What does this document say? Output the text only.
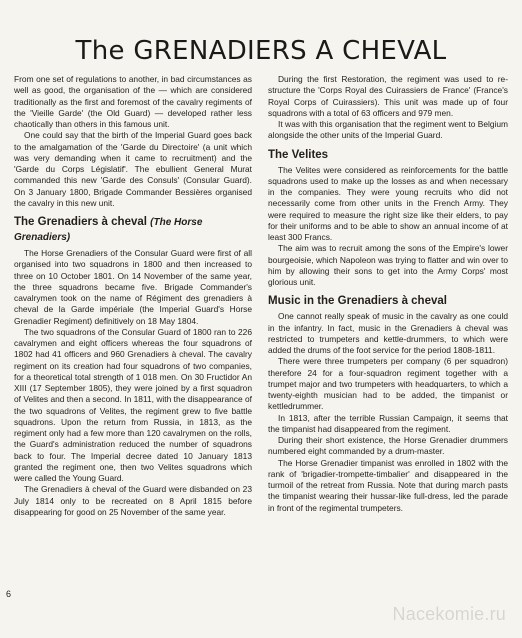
The GRENADIERS A CHEVAL

From one set of regulations to another, in bad circumstances as well as good, the organisation of the — which are considered traditionally as the first and foremost of the cavalry regiments of the 'Vieille Garde' (the Old Guard) — developed rather less chaotically than others in this famous unit.

One could say that the birth of the Imperial Guard goes back to the amalgamation of the 'Garde du Directoire' (a unit which was very demanding when it came to recruitment) and the 'Garde du Corps Législatif'. The ebullient General Murat commanded this new 'Garde des Consuls' (Consular Guard). On 3 January 1800, Brigade Commander Bessières organised the cavalry in this new unit.

The Grenadiers à cheval (The Horse Grenadiers)

The Horse Grenadiers of the Consular Guard were first of all organised into two squadrons in 1800 and then increased to three on 10 October 1801. On 14 November of the same year, the three squadrons became five. Brigade Commander's cavalrymen took on the name of Régiment des grenadiers à cheval de la Garde impériale (the Imperial Guard's Horse Grenadier Regiment) definitively on 18 May 1804.

The two squadrons of the Consular Guard of 1800 ran to 226 cavalrymen and eight officers whereas the four squadrons of 1802 had 41 officers and 960 Grenadiers à cheval. The cavalry regiment on its creation had four squadrons of two companies, for a theoretical total strength of 1 018 men. On 30 Fructidor An XIII (17 September 1805), they were joined by a first squadron of Velites and then a second. In 1811, with the disappearance of the two squadrons of Velites, the regiment grew to five battle squadrons. Upon the return from Russia, in 1813, as the regiment only had a few more than 120 cavalrymen on the rolls, the Guard's administration reduced the number of squadrons back to four. The Imperial decree dated 10 January 1813 granted the regiment one, then two Velites squadrons which were called the Young Guard.

The Grenadiers à cheval of the Guard were disbanded on 23 July 1814 only to be recreated on 8 April 1815 before disappearing for good on 25 November of the same year.

During the first Restoration, the regiment was used to re-structure the 'Corps Royal des Cuirassiers de France' (France's Royal Corps of Cuirassiers). This unit was made up of four squadrons with a total of 63 officers and 979 men.

It was with this organisation that the regiment went to Belgium alongside the other units of the Imperial Guard.

The Velites

The Velites were considered as reinforcements for the battle squadrons used to make up the losses as and when necessary in the companies. They were young recruits who did not necessarily come from other units in the French Army. They were required to measure the right size like their elders, to pay for their uniforms and to be able to show an annual income of at least 300 Francs.

The aim was to recruit among the sons of the Empire's lower bourgeoisie, which Napoleon was trying to flatter and win over to him by allowing their sons to get into the Army Corps' most glorious unit.

Music in the Grenadiers à cheval

One cannot really speak of music in the cavalry as one could in the infantry. In fact, music in the Grenadiers à cheval was restricted to trumpeters and kettle-drummers, to which were added the drums of the foot service for the period 1808-1811.

There were three trumpeters per company (6 per squadron) therefore 24 for a four-squadron regiment together with a trumpet major and two trumpeters with headquarters, to which a twenty-eighth musician had to be added, the timpanist or kettledrummer.

In 1813, after the terrible Russian Campaign, it seems that the timpanist had disappeared from the regiment.

During their short existence, the Horse Grenadier drummers numbered eight commanded by a drum-master.

The Horse Grenadier timpanist was enrolled in 1802 with the rank of 'brigadier-trompette-timbalier' and disappeared in the turmoil of the retreat from Russia. Note that during march pasts the timpanist wearing their hussar-like full-dress, led the parade in front of the regimental trumpeters.

6
Nacekomie.ru
